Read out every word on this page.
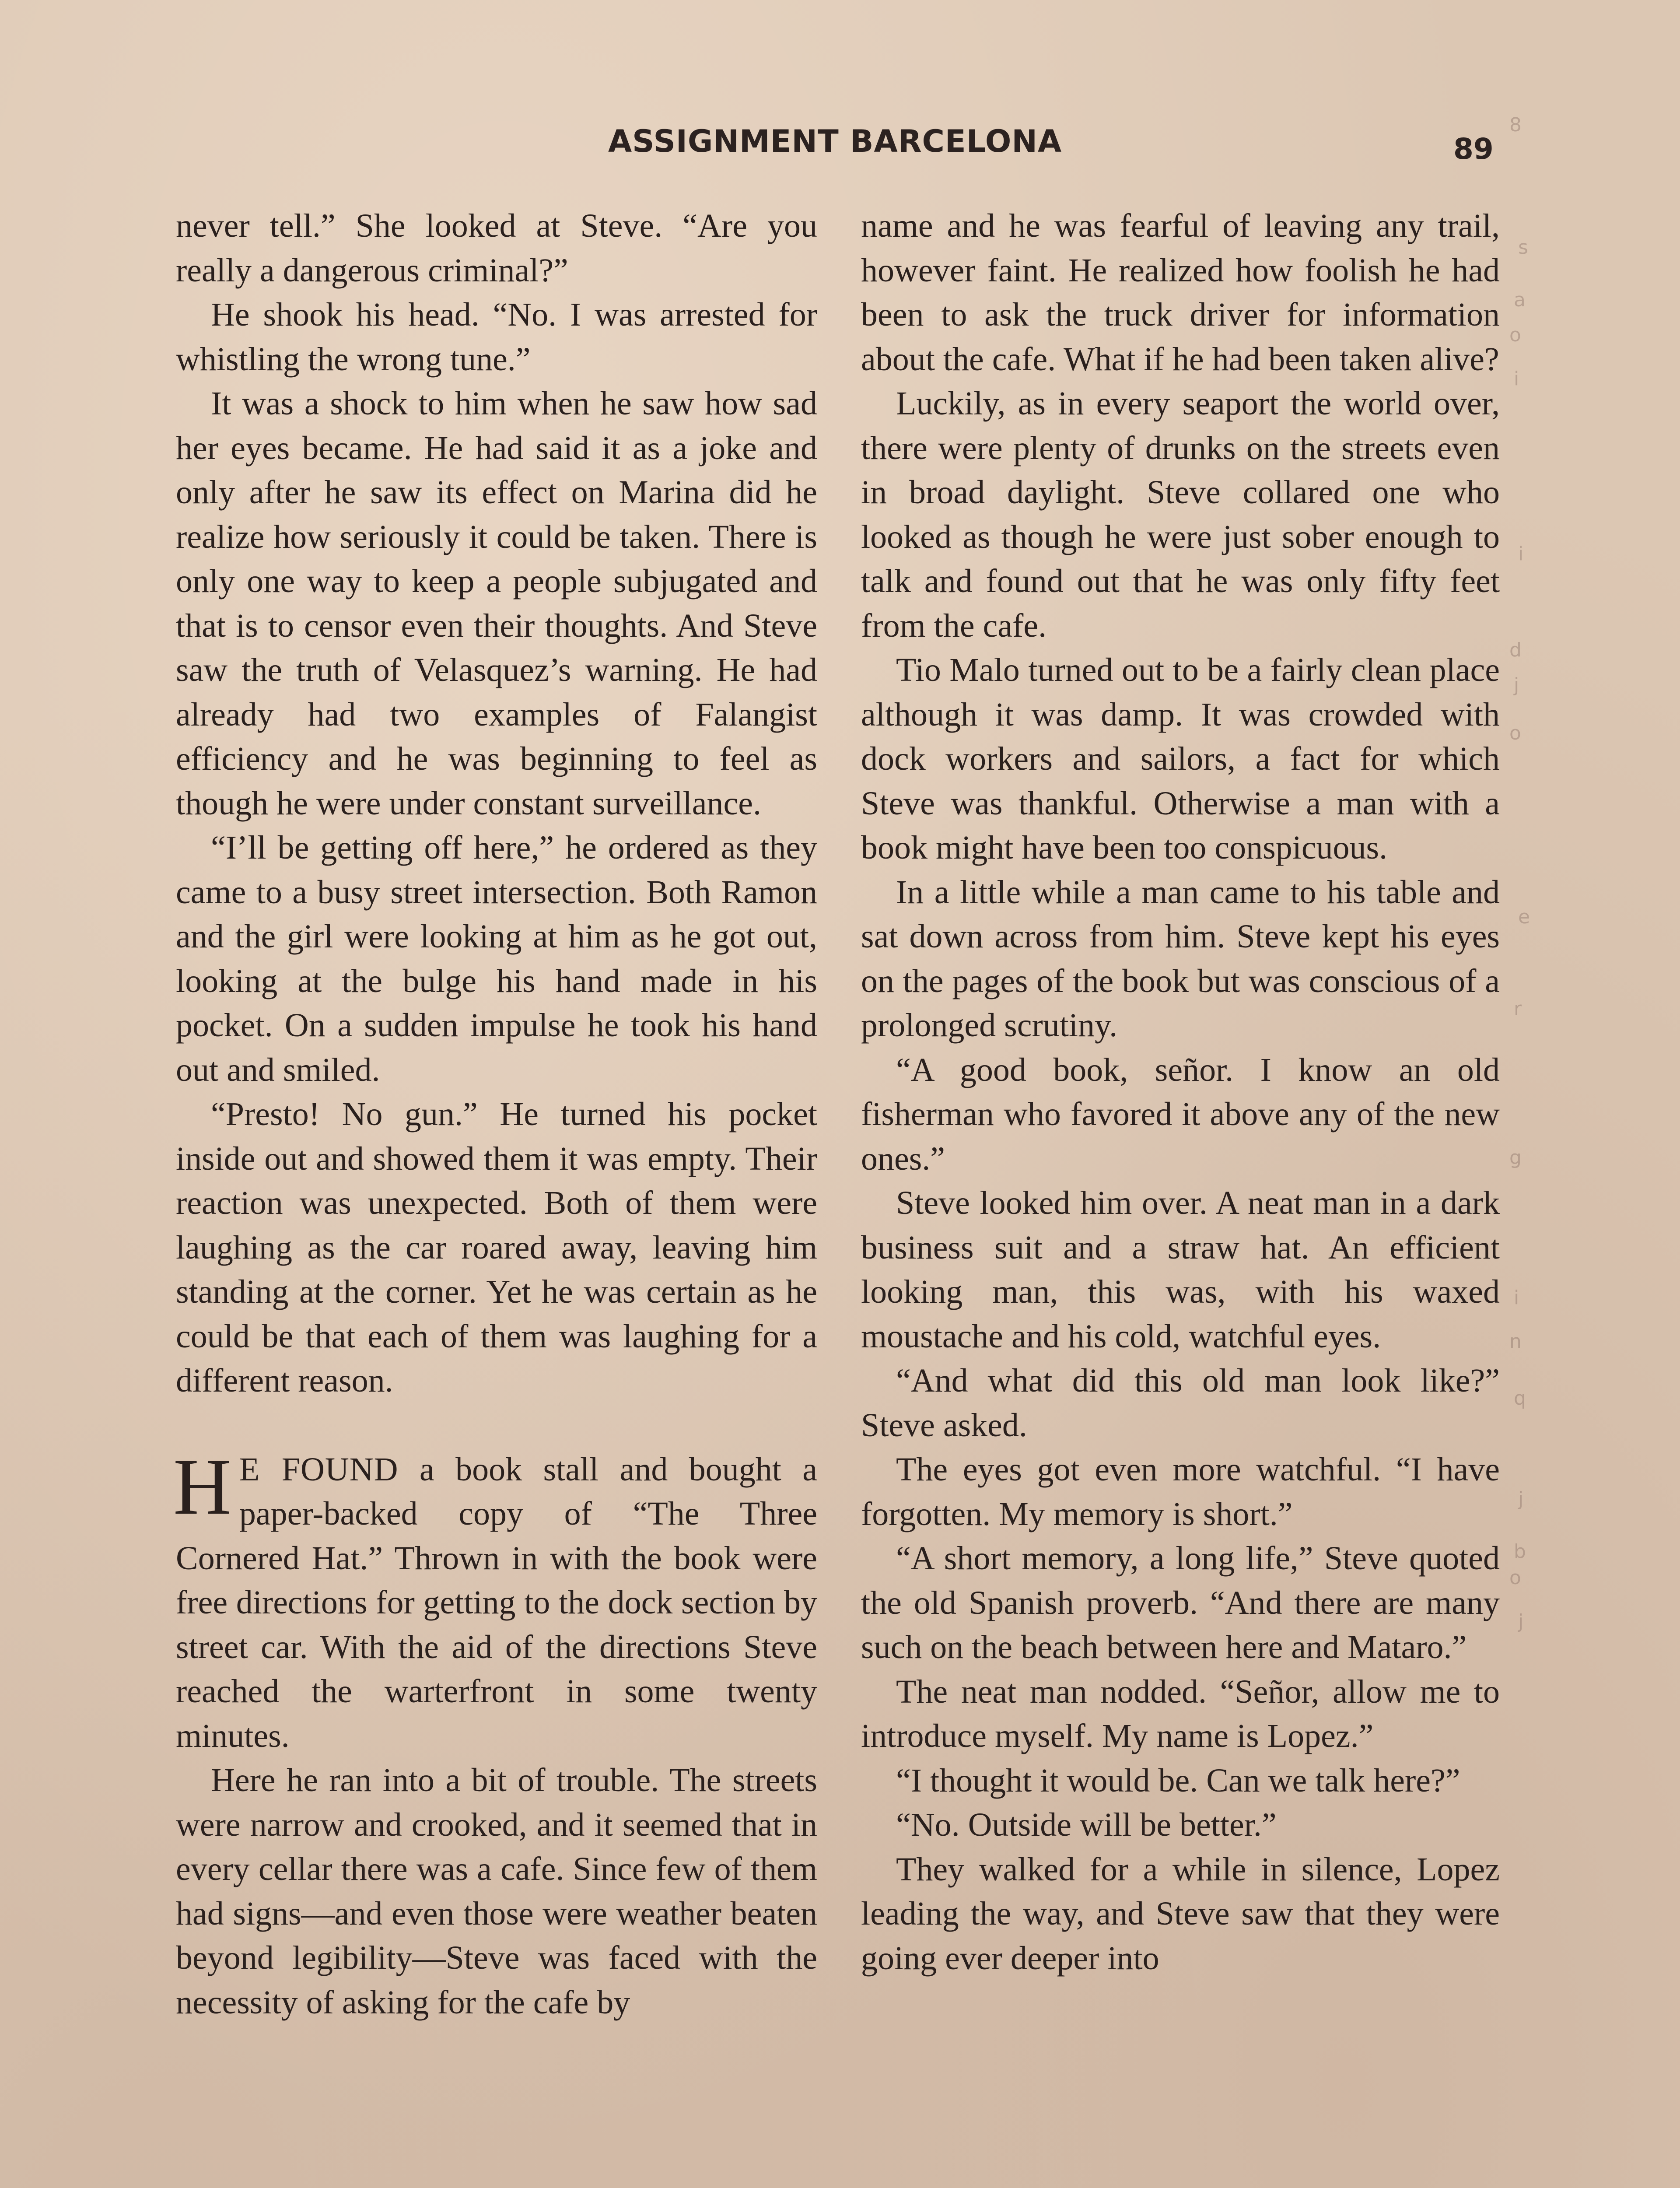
ASSIGNMENT BARCELONA	89

never tell.” She looked at Steve. “Are you really a dangerous criminal?”

He shook his head. “No. I was arrested for whistling the wrong tune.”

It was a shock to him when he saw how sad her eyes became. He had said it as a joke and only after he saw its effect on Marina did he realize how seriously it could be taken. There is only one way to keep a people subjugated and that is to censor even their thoughts. And Steve saw the truth of Velasquez’s warning. He had already had two examples of Falangist efficiency and he was beginning to feel as though he were under constant surveillance.

“I’ll be getting off here,” he ordered as they came to a busy street intersection. Both Ramon and the girl were looking at him as he got out, looking at the bulge his hand made in his pocket. On a sudden impulse he took his hand out and smiled.

“Presto! No gun.” He turned his pocket inside out and showed them it was empty. Their reaction was unexpected. Both of them were laughing as the car roared away, leaving him standing at the corner. Yet he was certain as he could be that each of them was laughing for a different reason.

H E FOUND a book stall and bought a paper-backed copy of “The Three Cornered Hat.” Thrown in with the book were free directions for getting to the dock section by street car. With the aid of the directions Steve reached the warterfront in some twenty minutes.

Here he ran into a bit of trouble. The streets were narrow and crooked, and it seemed that in every cellar there was a cafe. Since few of them had signs—and even those were weather beaten beyond legibility—Steve was faced with the necessity of asking for the cafe by

name and he was fearful of leaving any trail, however faint. He realized how foolish he had been to ask the truck driver for information about the cafe. What if he had been taken alive?

Luckily, as in every seaport the world over, there were plenty of drunks on the streets even in broad daylight. Steve collared one who looked as though he were just sober enough to talk and found out that he was only fifty feet from the cafe.

Tio Malo turned out to be a fairly clean place although it was damp. It was crowded with dock workers and sailors, a fact for which Steve was thankful. Otherwise a man with a book might have been too conspicuous.

In a little while a man came to his table and sat down across from him. Steve kept his eyes on the pages of the book but was conscious of a prolonged scrutiny.

“A good book, señor. I know an old fisherman who favored it above any of the new ones.”

Steve looked him over. A neat man in a dark business suit and a straw hat. An efficient looking man, this was, with his waxed moustache and his cold, watchful eyes.

“And what did this old man look like?” Steve asked.

The eyes got even more watchful. “I have forgotten. My memory is short.”

“A short memory, a long life,” Steve quoted the old Spanish proverb. “And there are many such on the beach between here and Mataro.”

The neat man nodded. “Señor, allow me to introduce myself. My name is Lopez.”

“I thought it would be. Can we talk here?”

“No. Outside will be better.”

They walked for a while in silence, Lopez leading the way, and Steve saw that they were going ever deeper into

8
s
a
o
i
i
d
j
o
e
r
g
i
n
q
j
b
o
j
